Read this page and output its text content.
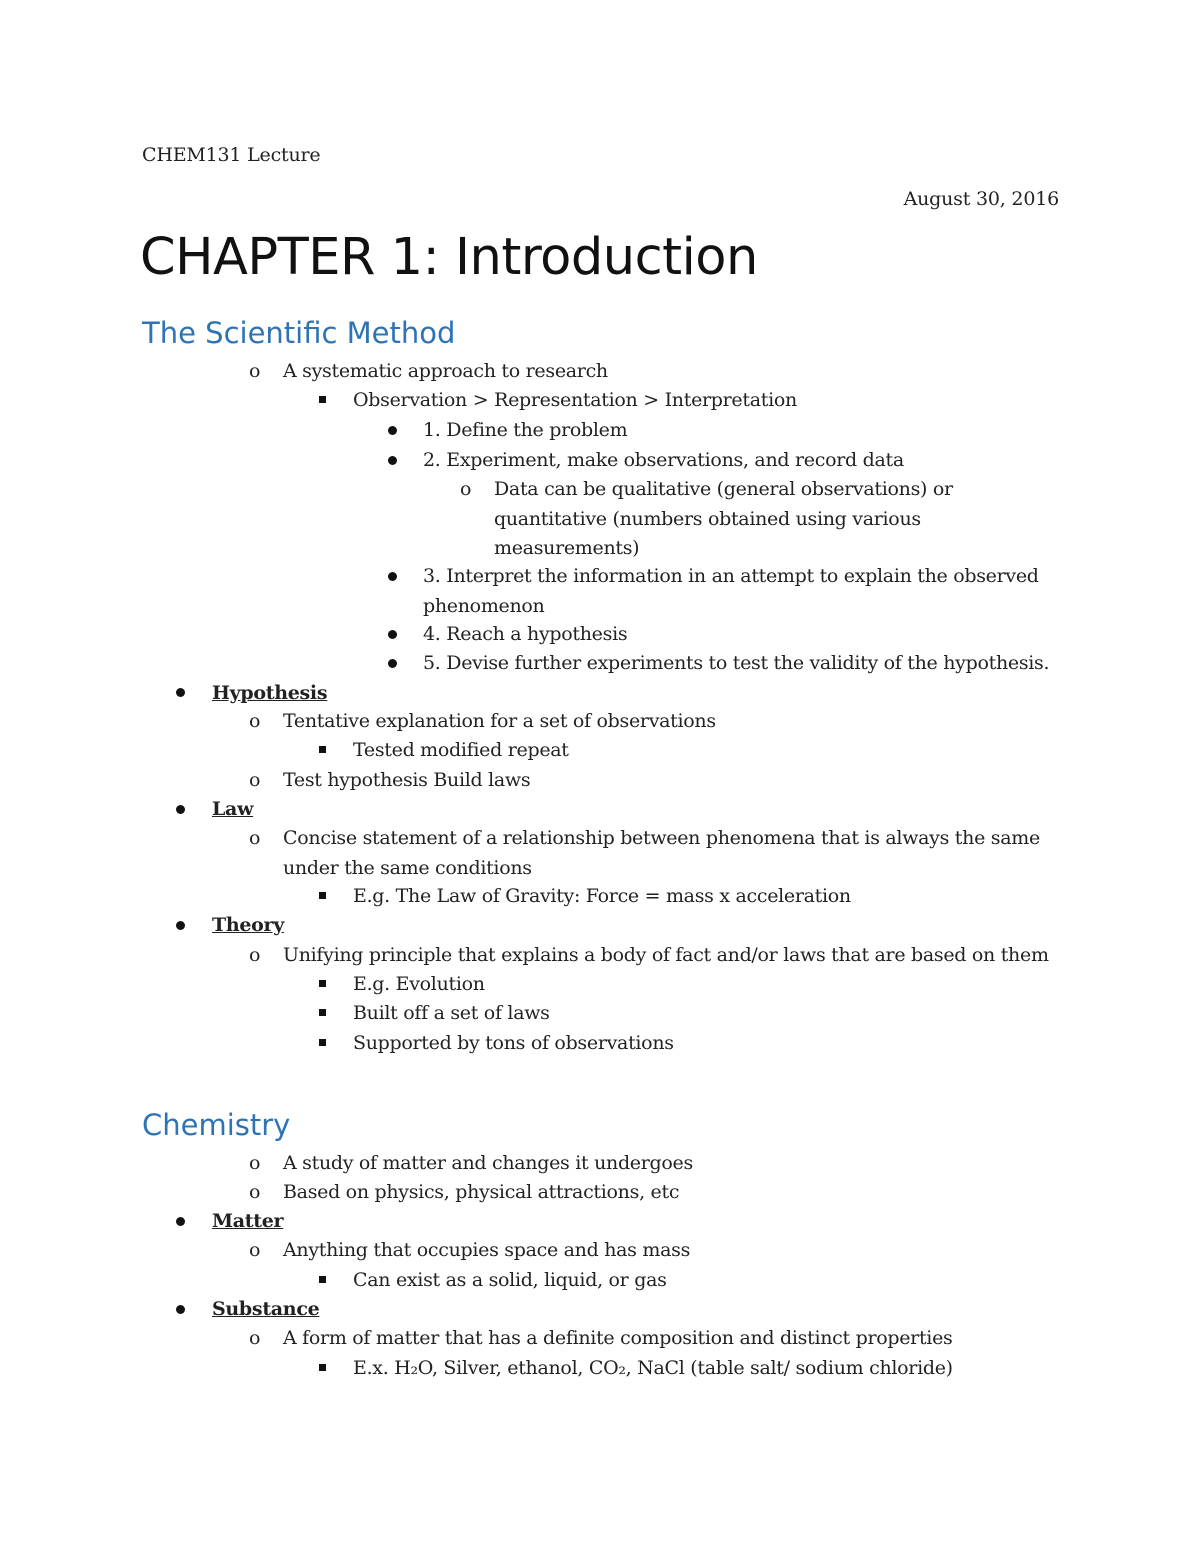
CHEM131 Lecture
August 30, 2016
CHAPTER 1: Introduction
The Scientific Method
o A systematic approach to research
Observation > Representation > Interpretation
1. Define the problem
2. Experiment, make observations, and record data
o Data can be qualitative (general observations) or
quantitative (numbers obtained using various
measurements)
3. Interpret the information in an attempt to explain the observed
phenomenon
4. Reach a hypothesis
5. Devise further experiments to test the validity of the hypothesis.
Hypothesis
o Tentative explanation for a set of observations
Tested modified repeat
o Test hypothesis Build laws
Law
o Concise statement of a relationship between phenomena that is always the same
under the same conditions
E.g. The Law of Gravity: Force = mass x acceleration
Theory
o Unifying principle that explains a body of fact and/or laws that are based on them
E.g. Evolution
Built off a set of laws
Supported by tons of observations
Chemistry
o A study of matter and changes it undergoes
o Based on physics, physical attractions, etc
Matter
o Anything that occupies space and has mass
Can exist as a solid, liquid, or gas
Substance
o A form of matter that has a definite composition and distinct properties
E.x. H₂O, Silver, ethanol, CO₂, NaCl (table salt/ sodium chloride)
